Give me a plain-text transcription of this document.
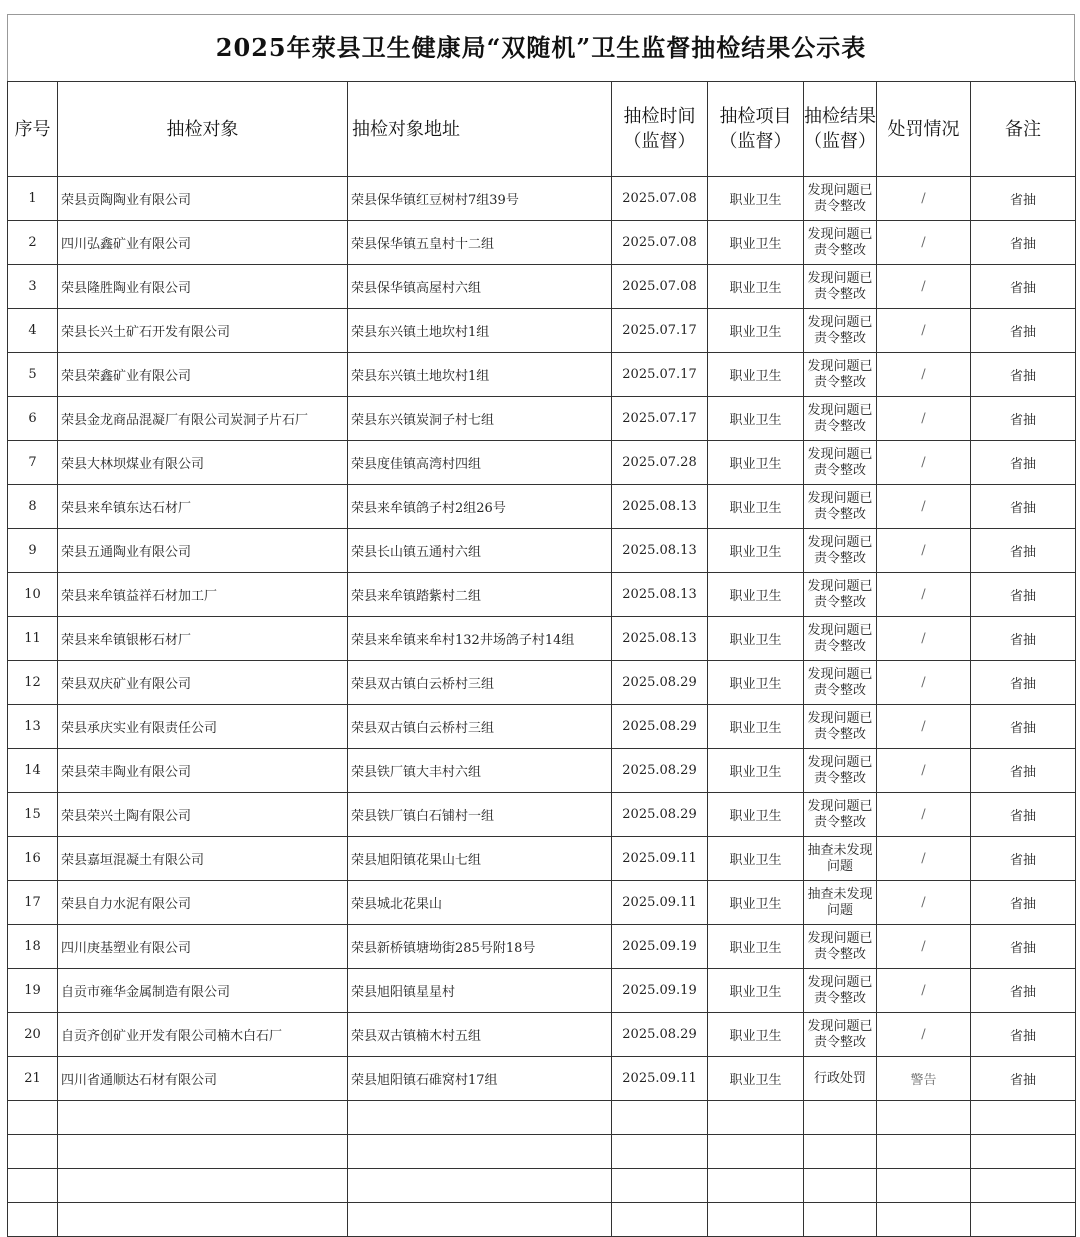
2025年荥县卫生健康局“双随机”卫生监督抽检结果公示表
序号	抽检对象	抽检对象地址	抽检时间（监督）	抽检项目（监督）	抽检结果（监督）	处罚情况	备注
1	荣县贡陶陶业有限公司	荣县保华镇红豆树村7组39号	2025.07.08	职业卫生	发现问题已责令整改	/	省抽
2	四川弘鑫矿业有限公司	荣县保华镇五皇村十二组	2025.07.08	职业卫生	发现问题已责令整改	/	省抽
3	荣县隆胜陶业有限公司	荣县保华镇高屋村六组	2025.07.08	职业卫生	发现问题已责令整改	/	省抽
4	荣县长兴土矿石开发有限公司	荣县东兴镇土地坎村1组	2025.07.17	职业卫生	发现问题已责令整改	/	省抽
5	荣县荣鑫矿业有限公司	荣县东兴镇土地坎村1组	2025.07.17	职业卫生	发现问题已责令整改	/	省抽
6	荣县金龙商品混凝厂有限公司炭洞子片石厂	荣县东兴镇炭洞子村七组	2025.07.17	职业卫生	发现问题已责令整改	/	省抽
7	荣县大林坝煤业有限公司	荣县度佳镇高湾村四组	2025.07.28	职业卫生	发现问题已责令整改	/	省抽
8	荣县来牟镇东达石材厂	荣县来牟镇鸽子村2组26号	2025.08.13	职业卫生	发现问题已责令整改	/	省抽
9	荣县五通陶业有限公司	荣县长山镇五通村六组	2025.08.13	职业卫生	发现问题已责令整改	/	省抽
10	荣县来牟镇益祥石材加工厂	荣县来牟镇踏紫村二组	2025.08.13	职业卫生	发现问题已责令整改	/	省抽
11	荣县来牟镇银彬石材厂	荣县来牟镇来牟村132井场鸽子村14组	2025.08.13	职业卫生	发现问题已责令整改	/	省抽
12	荣县双庆矿业有限公司	荣县双古镇白云桥村三组	2025.08.29	职业卫生	发现问题已责令整改	/	省抽
13	荣县承庆实业有限责任公司	荣县双古镇白云桥村三组	2025.08.29	职业卫生	发现问题已责令整改	/	省抽
14	荣县荣丰陶业有限公司	荣县铁厂镇大丰村六组	2025.08.29	职业卫生	发现问题已责令整改	/	省抽
15	荣县荣兴土陶有限公司	荣县铁厂镇白石铺村一组	2025.08.29	职业卫生	发现问题已责令整改	/	省抽
16	荣县嘉垣混凝土有限公司	荣县旭阳镇花果山七组	2025.09.11	职业卫生	抽查未发现问题	/	省抽
17	荣县自力水泥有限公司	荣县城北花果山	2025.09.11	职业卫生	抽查未发现问题	/	省抽
18	四川庚基塑业有限公司	荣县新桥镇塘坳街285号附18号	2025.09.19	职业卫生	发现问题已责令整改	/	省抽
19	自贡市雍华金属制造有限公司	荣县旭阳镇星星村	2025.09.19	职业卫生	发现问题已责令整改	/	省抽
20	自贡齐创矿业开发有限公司楠木白石厂	荣县双古镇楠木村五组	2025.08.29	职业卫生	发现问题已责令整改	/	省抽
21	四川省通顺达石材有限公司	荣县旭阳镇石碓窝村17组	2025.09.11	职业卫生	行政处罚	警告	省抽
